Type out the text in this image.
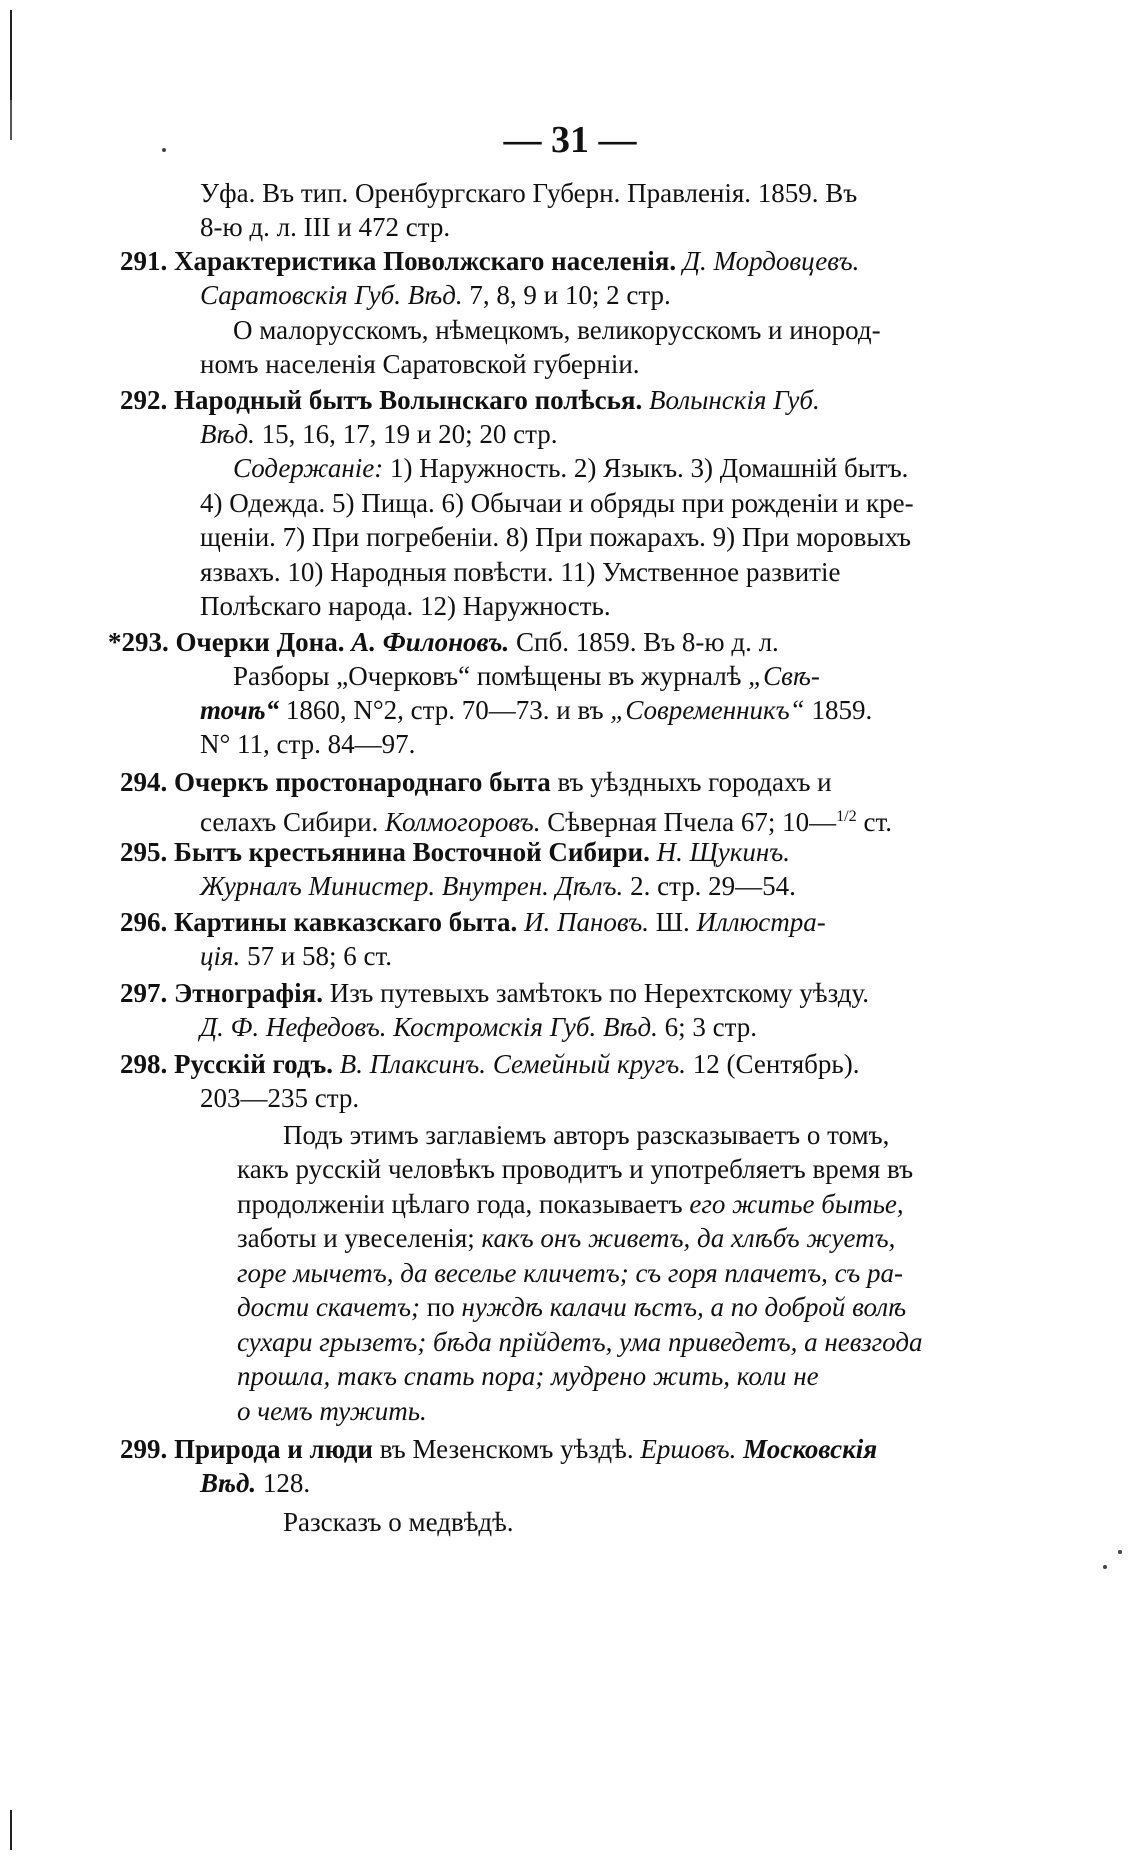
— 31 —
Уфа. Въ тип. Оренбургскаго Губерн. Правленія. 1859. Въ
8-ю д. л. III и 472 стр.
291. Характеристика Поволжскаго населенія. Д. Мордовцевъ.
Саратовскія Губ. Вѣд. 7, 8, 9 и 10; 2 стр.
О малорусскомъ, нѣмецкомъ, великорусскомъ и инород-
номъ населенія Саратовской губерніи.
292. Народный бытъ Волынскаго полѣсья. Волынскія Губ.
Вѣд. 15, 16, 17, 19 и 20; 20 стр.
Содержаніе: 1) Наружность. 2) Языкъ. 3) Домашній бытъ.
4) Одежда. 5) Пища. 6) Обычаи и обряды при рожденіи и кре-
щеніи. 7) При погребеніи. 8) При пожарахъ. 9) При моровыхъ
язвахъ. 10) Народныя повѣсти. 11) Умственное развитіе
Полѣскаго народа. 12) Наружность.
*293. Очерки Дона. А. Филоновъ. Спб. 1859. Въ 8-ю д. л.
Разборы „Очерковъ“ помѣщены въ журналѣ „Свѣ-
точѣ“ 1860, N°2, стр. 70—73. и въ „Современникъ“ 1859.
N° 11, стр. 84—97.
294. Очеркъ простонароднаго быта въ уѣздныхъ городахъ и
селахъ Сибири. Колмогоровъ. Сѣверная Пчела 67; 10—$^{1/2}$ ст.
295. Бытъ крестьянина Восточной Сибири. Н. Щукинъ.
Журналъ Министер. Внутрен. Дѣлъ. 2. стр. 29—54.
296. Картины кавказскаго быта. И. Пановъ. Ш. Иллюстра-
ція. 57 и 58; 6 ст.
297. Этнографія. Изъ путевыхъ замѣтокъ по Нерехтскому уѣзду.
Д. Ф. Нефедовъ. Костромскія Губ. Вѣд. 6; 3 стр.
298. Русскій годъ. В. Плаксинъ. Семейный кругъ. 12 (Сентябрь).
203—235 стр.
Подъ этимъ заглавіемъ авторъ разсказываетъ о томъ,
какъ русскій человѣкъ проводитъ и употребляетъ время въ
продолженіи цѣлаго года, показываетъ его житье бытье,
заботы и увеселенія; какъ онъ живетъ, да хлѣбъ жуетъ,
горе мычетъ, да веселье кличетъ; съ горя плачетъ, съ ра-
дости скачетъ; по нуждѣ калачи ѣстъ, а по доброй волѣ
сухари грызетъ; бѣда прійдетъ, ума приведетъ, а невзгода
прошла, такъ спать пора; мудрено жить, коли не
о чемъ тужить.
299. Природа и люди въ Мезенскомъ уѣздѣ. Ершовъ. Московскія
Вѣд. 128.
Разсказъ о медвѣдѣ.
